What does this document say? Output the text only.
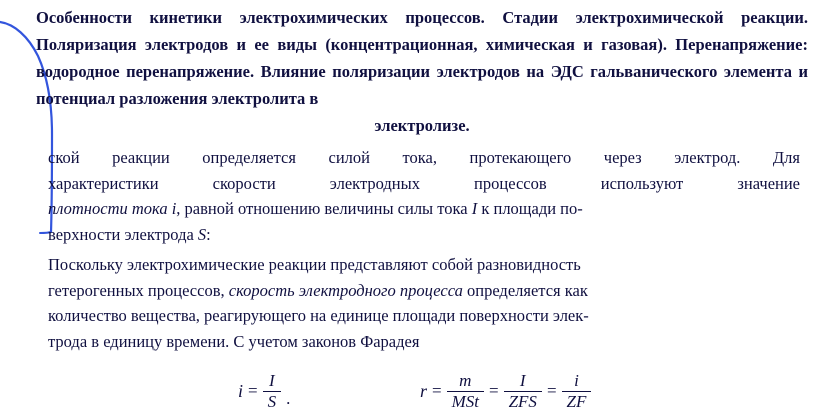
Особенности кинетики электрохимических процессов. Стадии электрохимической реакции. Поляризация электродов и ее виды (концентрационная, химическая и газовая). Перенапряжение: водородное перенапряжение. Влияние поляризации электродов на ЭДС гальванического элемента и потенциал разложения электролита в
электролизе.
ской реакции определяется силой тока, протекающего через электрод. Для
характеристики скорости электродных процессов используют значение
плотности тока i, равной отношению величины силы тока I к площади по-
верхности электрода S:
Поскольку электрохимические реакции представляют собой разновидность
гетерогенных процессов, скорость электродного процесса определяется как
количество вещества, реагирующего на единице площади поверхности элек-
трода в единицу времени. С учетом законов Фарадея
$i = \frac{I}{S}$ .	$r = \frac{m}{\text{MSt}} = \frac{I}{\text{ZFS}} = \frac{i}{ZF}$
